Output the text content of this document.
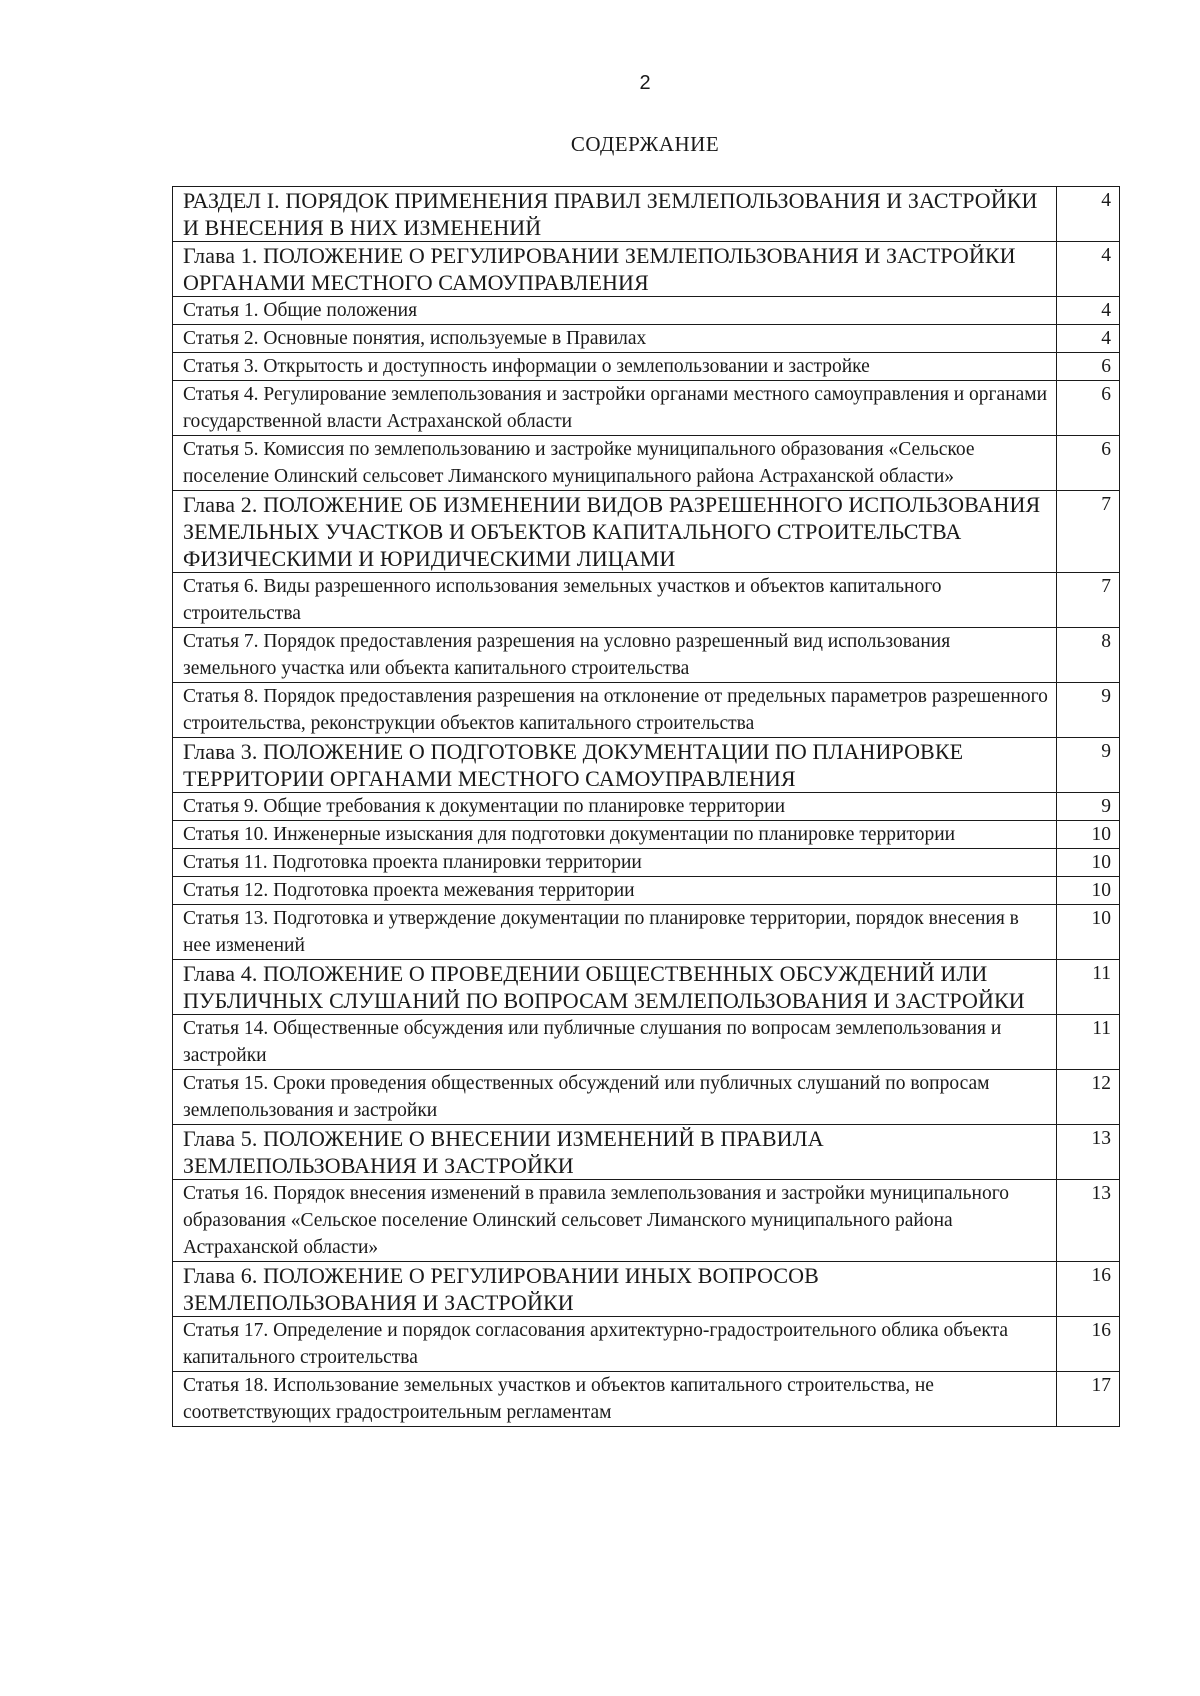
2
СОДЕРЖАНИЕ
РАЗДЕЛ I. ПОРЯДОК ПРИМЕНЕНИЯ ПРАВИЛ ЗЕМЛЕПОЛЬЗОВАНИЯ И ЗАСТРОЙКИ И ВНЕСЕНИЯ В НИХ ИЗМЕНЕНИЙ	4
Глава 1. ПОЛОЖЕНИЕ О РЕГУЛИРОВАНИИ ЗЕМЛЕПОЛЬЗОВАНИЯ И ЗАСТРОЙКИ ОРГАНАМИ МЕСТНОГО САМОУПРАВЛЕНИЯ	4
Статья 1. Общие положения	4
Статья 2. Основные понятия, используемые в Правилах	4
Статья 3. Открытость и доступность информации о землепользовании и застройке	6
Статья 4. Регулирование землепользования и застройки органами местного самоуправления и органами государственной власти Астраханской области	6
Статья 5. Комиссия по землепользованию и застройке муниципального образования «Сельское поселение Олинский сельсовет Лиманского муниципального района Астраханской области»	6
Глава 2. ПОЛОЖЕНИЕ ОБ ИЗМЕНЕНИИ ВИДОВ РАЗРЕШЕННОГО ИСПОЛЬЗОВАНИЯ ЗЕМЕЛЬНЫХ УЧАСТКОВ И ОБЪЕКТОВ КАПИТАЛЬНОГО СТРОИТЕЛЬСТВА ФИЗИЧЕСКИМИ И ЮРИДИЧЕСКИМИ ЛИЦАМИ	7
Статья 6. Виды разрешенного использования земельных участков и объектов капитального строительства	7
Статья 7. Порядок предоставления разрешения на условно разрешенный вид использования земельного участка или объекта капитального строительства	8
Статья 8. Порядок предоставления разрешения на отклонение от предельных параметров разрешенного строительства, реконструкции объектов капитального строительства	9
Глава 3. ПОЛОЖЕНИЕ О ПОДГОТОВКЕ ДОКУМЕНТАЦИИ ПО ПЛАНИРОВКЕ ТЕРРИТОРИИ ОРГАНАМИ МЕСТНОГО САМОУПРАВЛЕНИЯ	9
Статья 9. Общие требования к документации по планировке территории	9
Статья 10. Инженерные изыскания для подготовки документации по планировке территории	10
Статья 11. Подготовка проекта планировки территории	10
Статья 12. Подготовка проекта межевания территории	10
Статья 13. Подготовка и утверждение документации по планировке территории, порядок внесения в нее изменений	10
Глава 4. ПОЛОЖЕНИЕ О ПРОВЕДЕНИИ ОБЩЕСТВЕННЫХ ОБСУЖДЕНИЙ ИЛИ ПУБЛИЧНЫХ СЛУШАНИЙ ПО ВОПРОСАМ ЗЕМЛЕПОЛЬЗОВАНИЯ И ЗАСТРОЙКИ	11
Статья 14. Общественные обсуждения или публичные слушания по вопросам землепользования и застройки	11
Статья 15. Сроки проведения общественных обсуждений или публичных слушаний по вопросам землепользования и застройки	12
Глава 5. ПОЛОЖЕНИЕ О ВНЕСЕНИИ ИЗМЕНЕНИЙ В ПРАВИЛА ЗЕМЛЕПОЛЬЗОВАНИЯ И ЗАСТРОЙКИ	13
Статья 16. Порядок внесения изменений в правила землепользования и застройки муниципального образования «Сельское поселение Олинский сельсовет Лиманского муниципального района Астраханской области»	13
Глава 6. ПОЛОЖЕНИЕ О РЕГУЛИРОВАНИИ ИНЫХ ВОПРОСОВ ЗЕМЛЕПОЛЬЗОВАНИЯ И ЗАСТРОЙКИ	16
Статья 17. Определение и порядок согласования архитектурно-градостроительного облика объекта капитального строительства	16
Статья 18. Использование земельных участков и объектов капитального строительства, не соответствующих градостроительным регламентам	17
